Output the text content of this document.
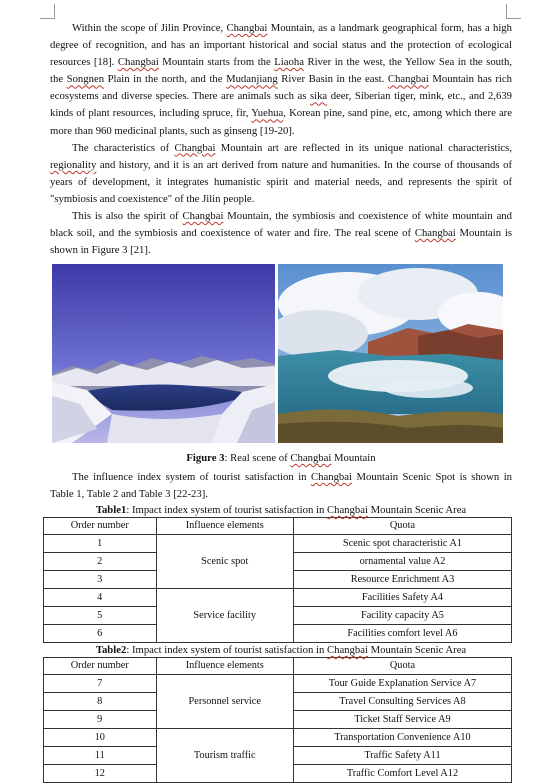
Within the scope of Jilin Province, Changbai Mountain, as a landmark geographical form, has a high degree of recognition, and has an important historical and social status and the protection of ecological resources [18]. Changbai Mountain starts from the Liaoha River in the west, the Yellow Sea in the south, the Songnen Plain in the north, and the Mudanjiang River Basin in the east. Changbai Mountain has rich ecosystems and diverse species. There are animals such as sika deer, Siberian tiger, mink, etc., and 2,639 kinds of plant resources, including spruce, fir, Yuehua, Korean pine, sand pine, etc, among which there are more than 960 medicinal plants, such as ginseng [19-20].

The characteristics of Changbai Mountain art are reflected in its unique national characteristics, regionality and history, and it is an art derived from nature and humanities. In the course of thousands of years of development, it integrates humanistic spirit and material needs, and represents the spirit of "symbiosis and coexistence" of the Jilin people.

This is also the spirit of Changbai Mountain, the symbiosis and coexistence of white mountain and black soil, and the symbiosis and coexistence of water and fire. The real scene of Changbai Mountain is shown in Figure 3 [21].

Figure 3: Real scene of Changbai Mountain

The influence index system of tourist satisfaction in Changbai Mountain Scenic Spot is shown in Table 1, Table 2 and Table 3 [22-23].

Table1: Impact index system of tourist satisfaction in Changbai Mountain Scenic Area
Order number	Influence elements	Quota
1	Scenic spot	Scenic spot characteristic A1
2		ornamental value A2
3		Resource Enrichment A3
4	Service facility	Facilities Safety A4
5		Facility capacity A5
6		Facilities comfort level A6
Table2: Impact index system of tourist satisfaction in Changbai Mountain Scenic Area
Order number	Influence elements	Quota
7	Personnel service	Tour Guide Explanation Service A7
8		Travel Consulting Services A8
9		Ticket Staff Service A9
10	Tourism traffic	Transportation Convenience A10
11		Traffic Safety A11
12		Traffic Comfort Level A12
